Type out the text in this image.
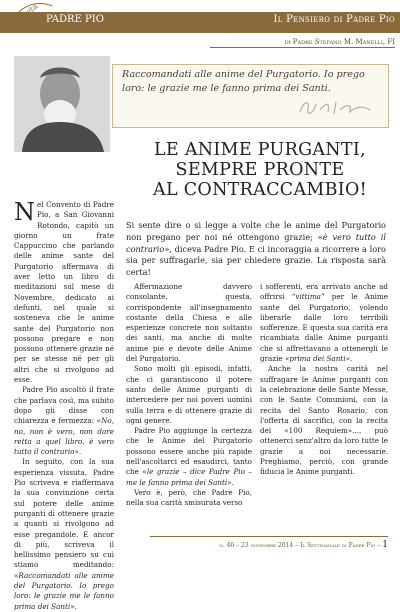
Pianeta PADRE PIO	Il Pensiero di Padre Pio
di Padre Stefano M. Manelli, FI
Raccomandati alle anime del Purgatorio. Io prego loro: le grazie me le fanno prima dei Santi.
LE ANIME PURGANTI,
SEMPRE PRONTE
AL CONTRACCAMBIO!
Si sente dire o si legge a volte che le anime del Purgatorio non pregano per noi né ottengono grazie; «è vero tutto il contrario», diceva Padre Pio. E ci incoraggia a ricorrere a loro sia per suffragarle, sia per chiedere grazie. La risposta sarà certa!

Nel Convento di Padre Pio, a San Giovanni Rotondo, capitò un giorno un frate Cappuccino che parlando delle anime sante del Purgatorio affermava di aver letto un libro di meditazioni sul mese di Novembre, dedicato ai defunti, nel quale si sosteneva che le anime sante del Purgatorio non possono pregare e non possono ottenere grazie né per se stesse né per gli altri che si rivolgono ad esse.

Padre Pio ascoltò il frate che parlava così, ma subito dopo gli disse con chiarezza e fermezza: «No, no, non è vero, non dare retta a quel libro, è vero tutto il contrario».

In seguito, con la sua esperienza vissuta, Padre Pio scriveva e riaffermava la sua convinzione certa sul potere delle anime purganti di ottenere grazie a quanti si rivolgono ad esse pregandole. E ancor di più, scriveva il bellissimo pensiero su cui stiamo meditando: «Raccomandati alle anime del Purgatorio. Io prego loro: le grazie me le fanno prima dei Santi».

Affermazione davvero consolante, questa, corrispondente all'insegnamento costante della Chiesa e alle esperienze concrete non soltanto dei santi, ma anche di molte anime pie e devote delle Anime del Purgatorio.

Sono molti gli episodi, infatti, che ci garantiscono il potere santo delle Anime purganti di intercedere per noi poveri uomini sulla terra e di ottenere grazie di ogni genere.

Padre Pio aggiunge la certezza che le Anime del Purgatorio possono essere anche più rapide nell'ascoltarci ed esaudirci, tanto che «le grazie – dice Padre Pio – me le fanno prima dei Santi».

Vero è, però, che Padre Pio, nella sua carità smisurata verso

i sofferenti, era arrivato anche ad offrirsi “vittima” per le Anime sante del Purgatorio, volendo liberarle dalle loro terribili sofferenze. E questa sua carità era ricambiata dalle Anime purganti che si affrettavano a ottenergli le grazie «prima dei Santi».

Anche la nostra carità nel suffragare le Anime purganti con la celebrazione delle Sante Messe, con le Sante Comunioni, con la recita del Santo Rosario, con l'offerta di sacrifici, con la recita dei «100 Requiem»..., può ottenerci senz'altro da loro tutte le grazie a noi necessarie. Preghiamo, perciò, con grande fiducia le Anime purganti.

n. 46 – 23 novembre 2014 – Il Settimanale di Padre Pio – 1
